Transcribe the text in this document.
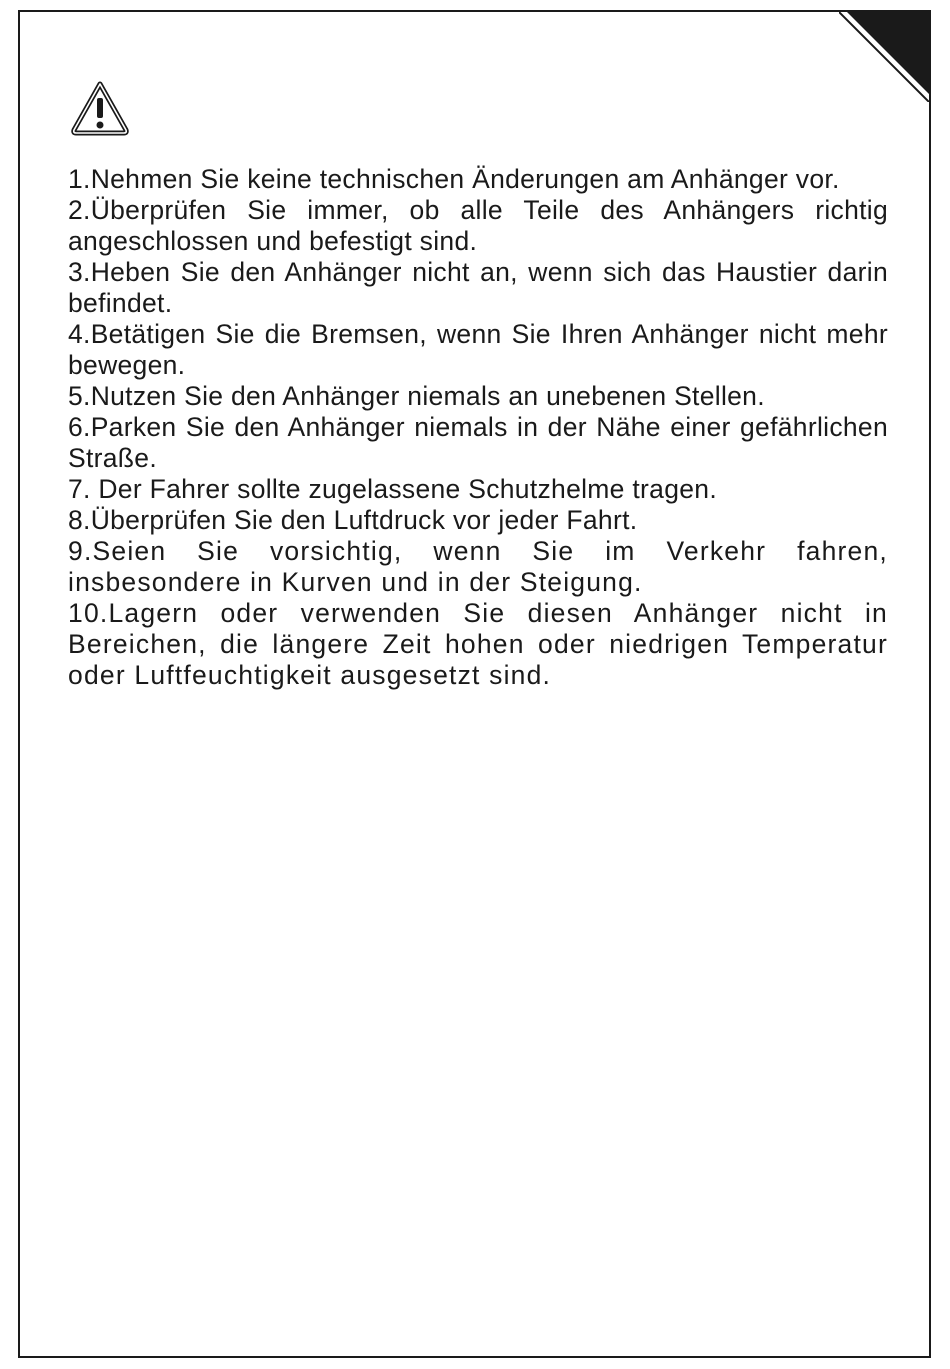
1.Nehmen Sie keine technischen Änderungen am Anhänger vor.
2.Überprüfen Sie immer, ob alle Teile des Anhängers richtig angeschlossen und befestigt sind.
3.Heben Sie den Anhänger nicht an, wenn sich das Haustier darin befindet.
4.Betätigen Sie die Bremsen, wenn Sie Ihren Anhänger nicht mehr bewegen.
5.Nutzen Sie den Anhänger niemals an unebenen Stellen.
6.Parken Sie den Anhänger niemals in der Nähe einer gefährlichen Straße.
7. Der Fahrer sollte zugelassene Schutzhelme tragen.
8.Überprüfen Sie den Luftdruck vor jeder Fahrt.
9.Seien Sie vorsichtig, wenn Sie im Verkehr fahren, insbesondere in Kurven und in der Steigung.
10.Lagern oder verwenden Sie diesen Anhänger nicht in Bereichen, die längere Zeit hohen oder niedrigen Temperatur oder Luftfeuchtigkeit ausgesetzt sind.
